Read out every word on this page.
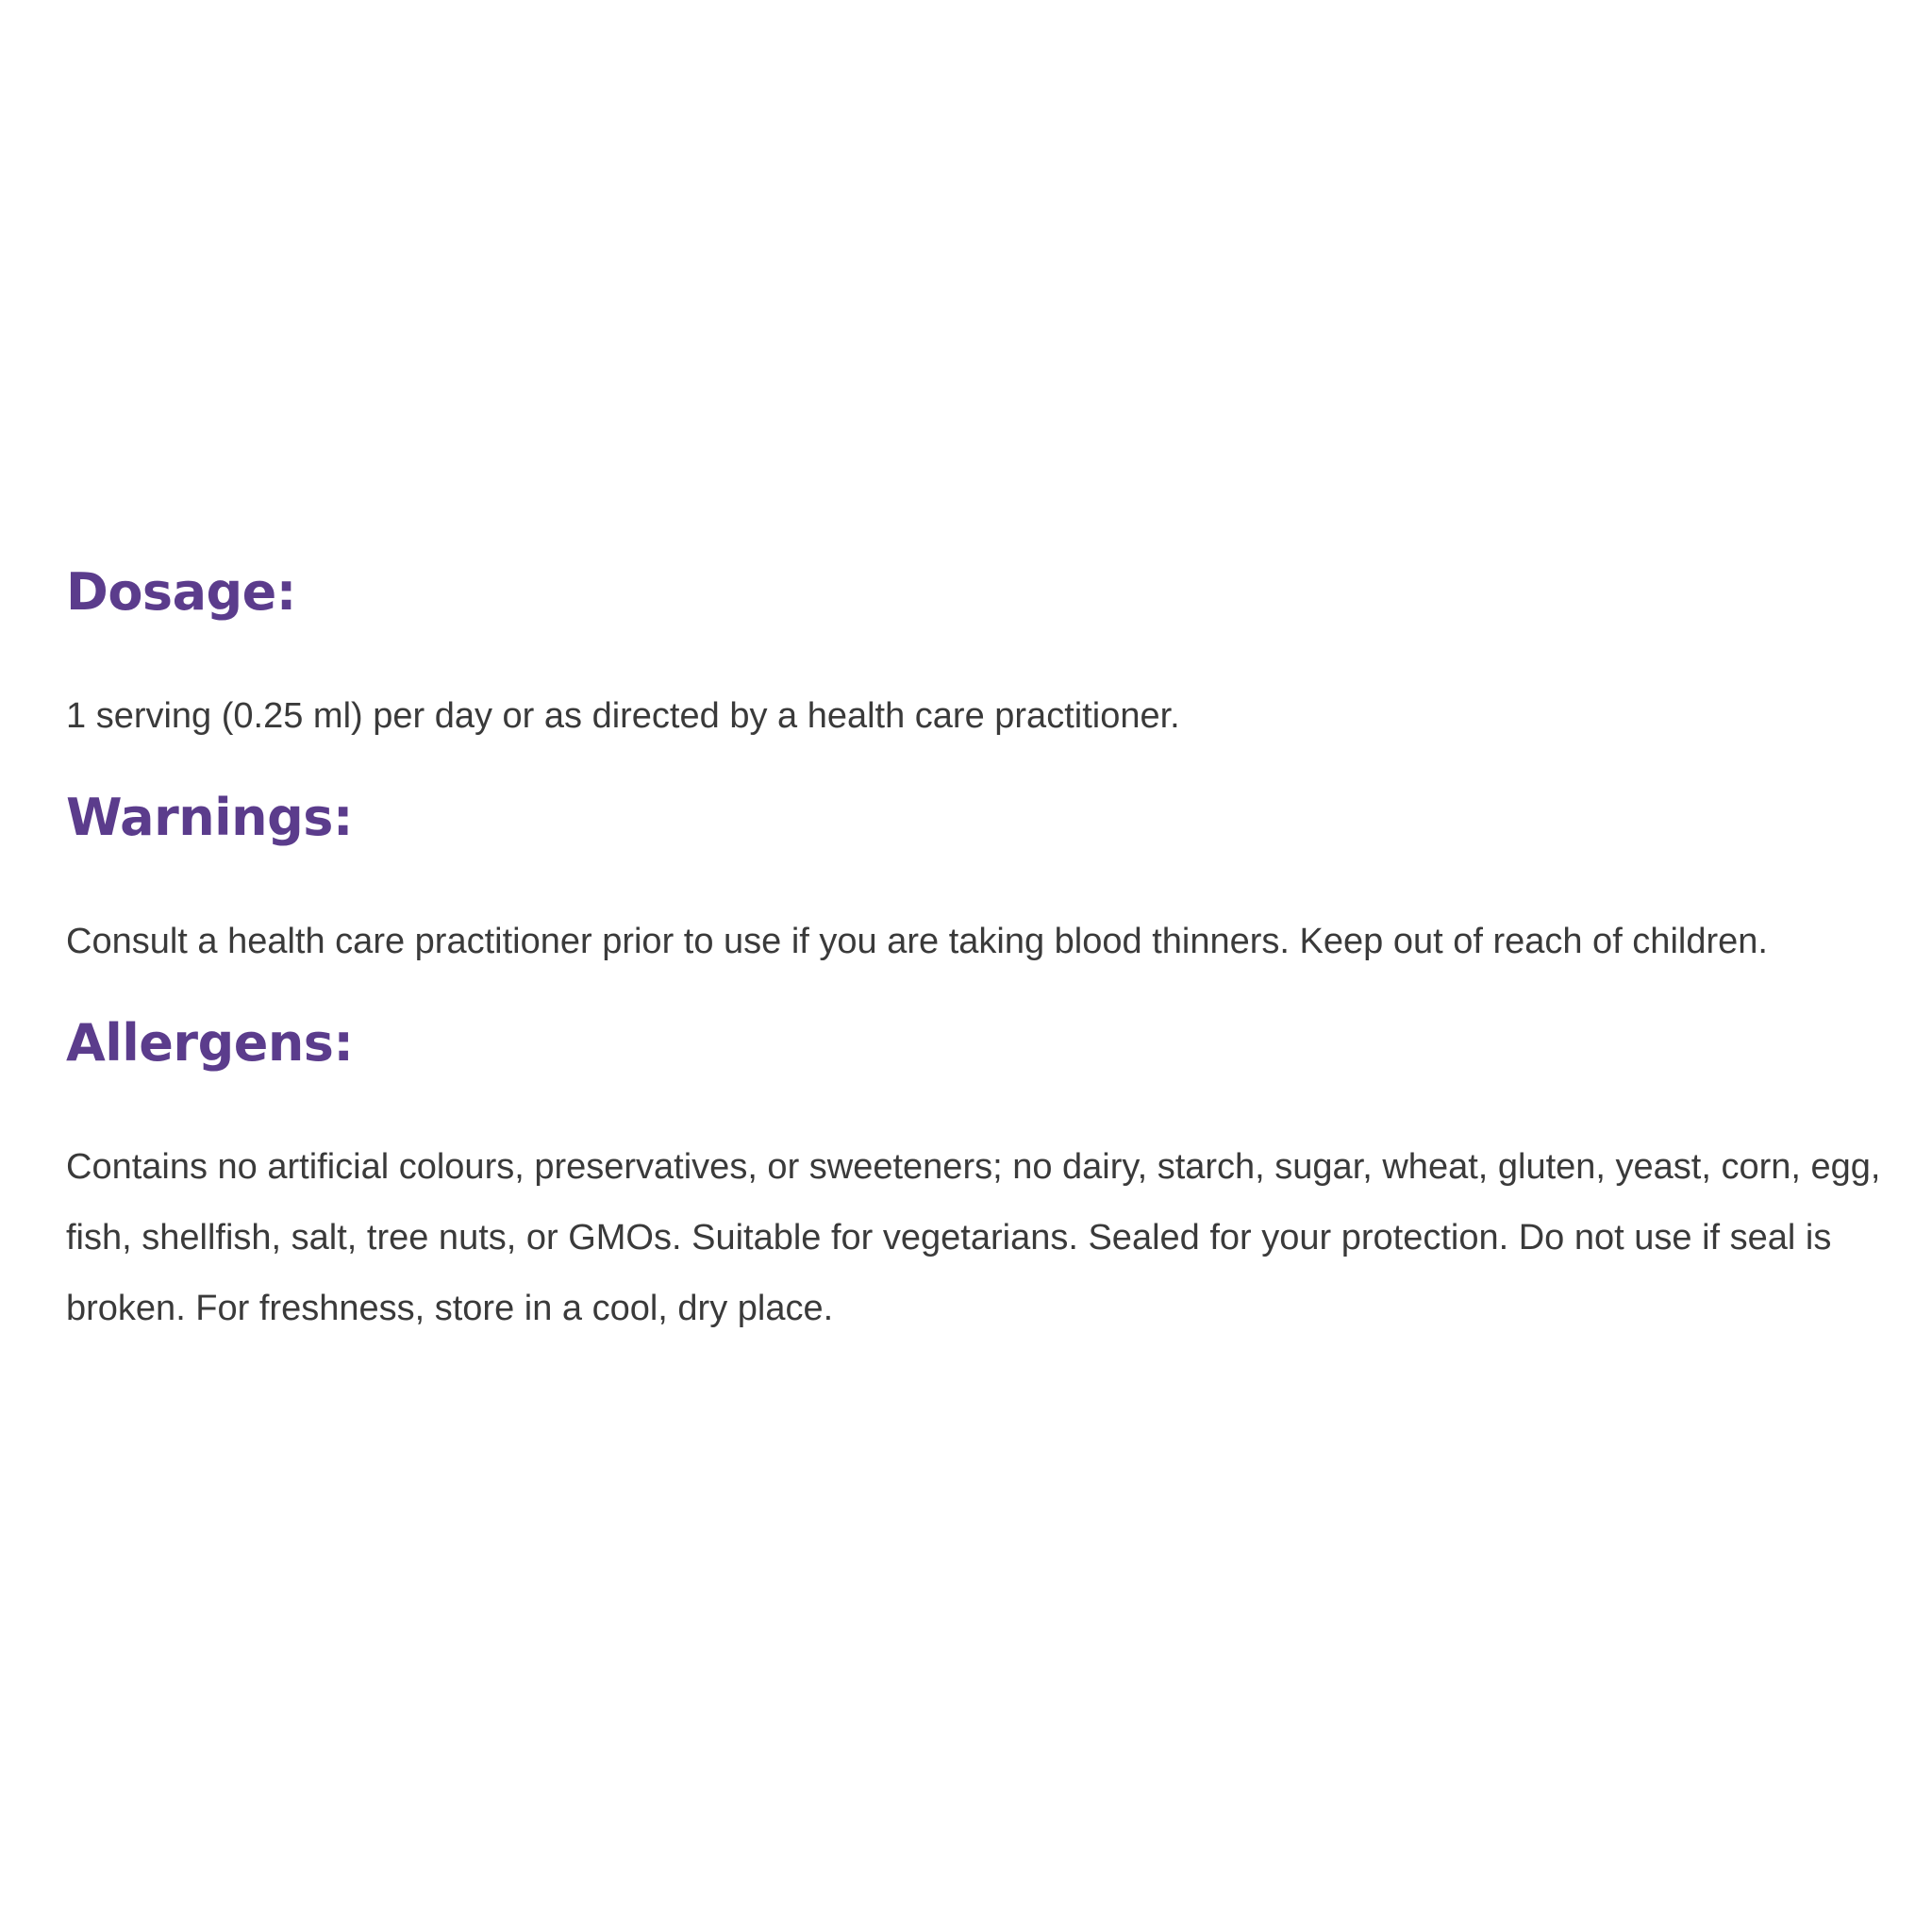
Dosage:

1 serving (0.25 ml) per day or as directed by a health care practitioner.

Warnings:

Consult a health care practitioner prior to use if you are taking blood thinners. Keep out of reach of children.

Allergens:

Contains no artificial colours, preservatives, or sweeteners; no dairy, starch, sugar, wheat, gluten, yeast, corn, egg,

fish, shellfish, salt, tree nuts, or GMOs. Suitable for vegetarians. Sealed for your protection. Do not use if seal is

broken. For freshness, store in a cool, dry place.
